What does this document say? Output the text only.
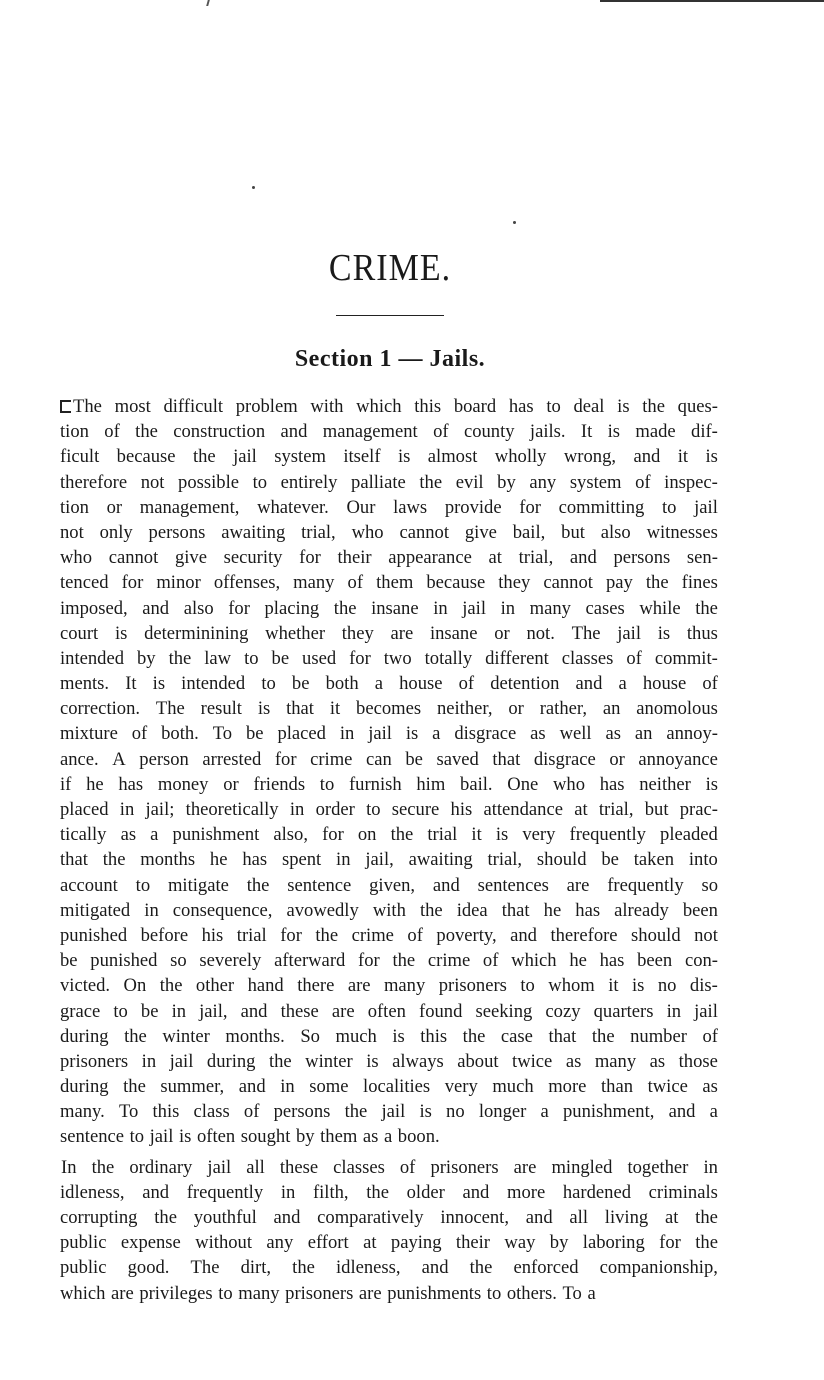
CRIME.
Section 1 — Jails.
The most difficult problem with which this board has to deal is the ques-
tion of the construction and management of county jails. It is made dif-
ficult because the jail system itself is almost wholly wrong, and it is
therefore not possible to entirely palliate the evil by any system of inspec-
tion or management, whatever. Our laws provide for committing to jail
not only persons awaiting trial, who cannot give bail, but also witnesses
who cannot give security for their appearance at trial, and persons sen-
tenced for minor offenses, many of them because they cannot pay the fines
imposed, and also for placing the insane in jail in many cases while the
court is determinining whether they are insane or not. The jail is thus
intended by the law to be used for two totally different classes of commit-
ments. It is intended to be both a house of detention and a house of
correction. The result is that it becomes neither, or rather, an anomolous
mixture of both. To be placed in jail is a disgrace as well as an annoy-
ance. A person arrested for crime can be saved that disgrace or annoyance
if he has money or friends to furnish him bail. One who has neither is
placed in jail; theoretically in order to secure his attendance at trial, but prac-
tically as a punishment also, for on the trial it is very frequently pleaded
that the months he has spent in jail, awaiting trial, should be taken into
account to mitigate the sentence given, and sentences are frequently so
mitigated in consequence, avowedly with the idea that he has already been
punished before his trial for the crime of poverty, and therefore should not
be punished so severely afterward for the crime of which he has been con-
victed. On the other hand there are many prisoners to whom it is no dis-
grace to be in jail, and these are often found seeking cozy quarters in jail
during the winter months. So much is this the case that the number of
prisoners in jail during the winter is always about twice as many as those
during the summer, and in some localities very much more than twice as
many. To this class of persons the jail is no longer a punishment, and a
sentence to jail is often sought by them as a boon.
In the ordinary jail all these classes of prisoners are mingled together in
idleness, and frequently in filth, the older and more hardened criminals
corrupting the youthful and comparatively innocent, and all living at the
public expense without any effort at paying their way by laboring for the
public good. The dirt, the idleness, and the enforced companionship,
which are privileges to many prisoners are punishments to others. To a
